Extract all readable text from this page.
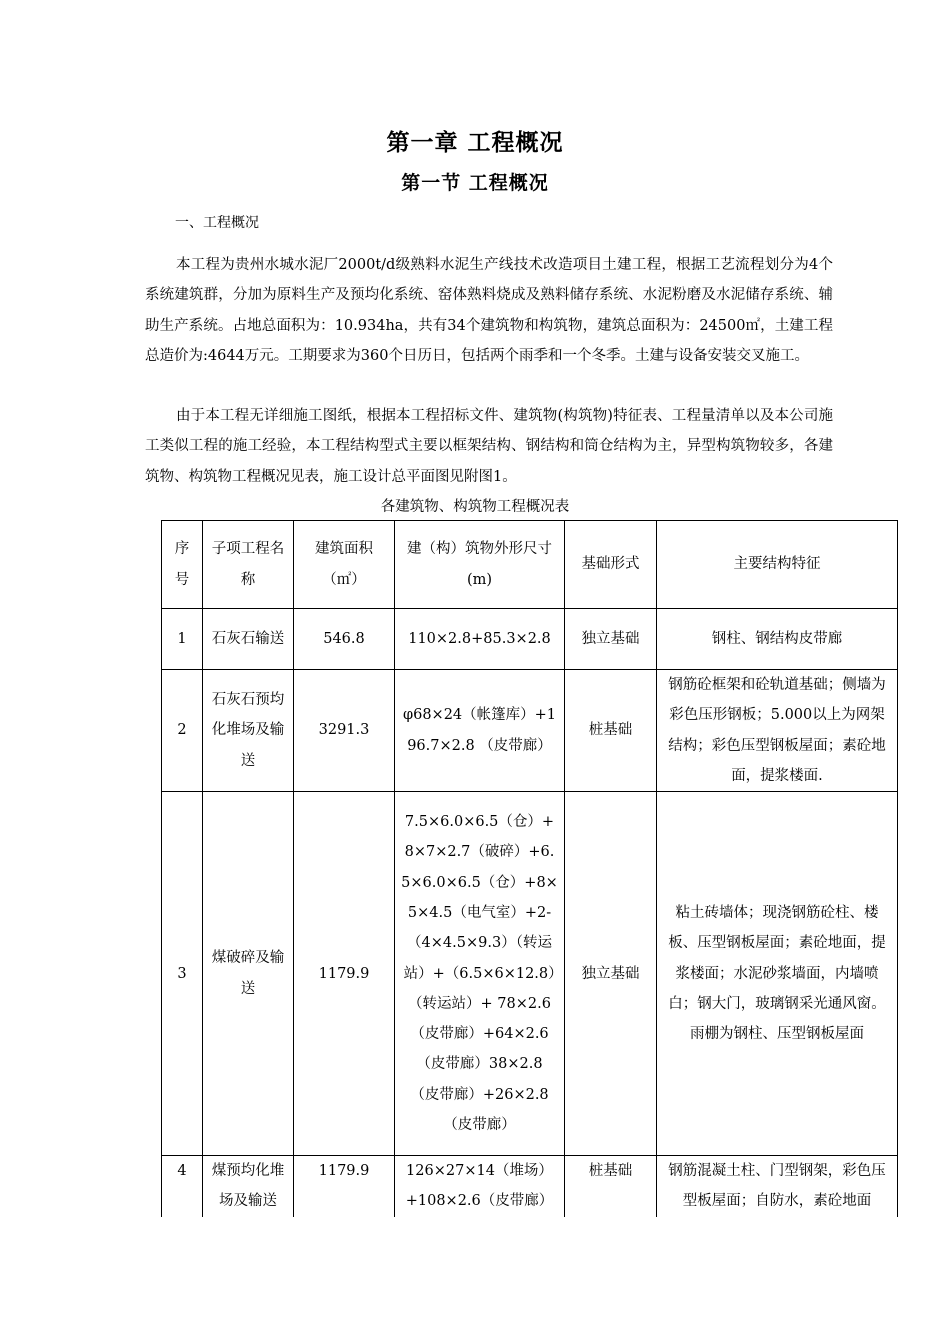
第一章 工程概况
第一节 工程概况
一、工程概况

本工程为贵州水城水泥厂2000t/d级熟料水泥生产线技术改造项目土建工程，根据工艺流程划分为4个系统建筑群，分加为原料生产及预均化系统、窑体熟料烧成及熟料储存系统、水泥粉磨及水泥储存系统、辅助生产系统。占地总面积为：10.934ha，共有34个建筑物和构筑物，建筑总面积为：24500㎡，土建工程总造价为:4644万元。工期要求为360个日历日，包括两个雨季和一个冬季。土建与设备安装交叉施工。

由于本工程无详细施工图纸，根据本工程招标文件、建筑物(构筑物)特征表、工程量清单以及本公司施工类似工程的施工经验，本工程结构型式主要以框架结构、钢结构和筒仓结构为主，异型构筑物较多，各建筑物、构筑物工程概况见表，施工设计总平面图见附图1。

各建筑物、构筑物工程概况表
序号	子项工程名称	建筑面积（㎡）	建（构）筑物外形尺寸(m)	基础形式	主要结构特征
1	石灰石输送	546.8	110×2.8+85.3×2.8	独立基础	钢柱、钢结构皮带廊
2	石灰石预均化堆场及输送	3291.3	φ68×24（帐篷库）+196.7×2.8 （皮带廊）	桩基础	钢筋砼框架和砼轨道基础；侧墙为彩色压形钢板；5.000以上为网架结构；彩色压型钢板屋面；素砼地面，提浆楼面.
3	煤破碎及输送	1179.9	7.5×6.0×6.5（仓）+8×7×2.7（破碎）+6.5×6.0×6.5（仓）+8×5×4.5（电气室）+2-（4×4.5×9.3）（转运站）+（6.5×6×12.8）（转运站）+ 78×2.6 （皮带廊）+64×2.6 （皮带廊）38×2.8 （皮带廊）+26×2.8 （皮带廊）	独立基础	粘土砖墙体；现浇钢筋砼柱、楼板、压型钢板屋面；素砼地面，提浆楼面；水泥砂浆墙面，内墙喷白；钢大门，玻璃钢采光通风窗。雨棚为钢柱、压型钢板屋面
4	煤预均化堆场及输送	1179.9	126×27×14（堆场）+108×2.6（皮带廊）	桩基础	钢筋混凝土柱、门型钢架，彩色压型板屋面；自防水，素砼地面
